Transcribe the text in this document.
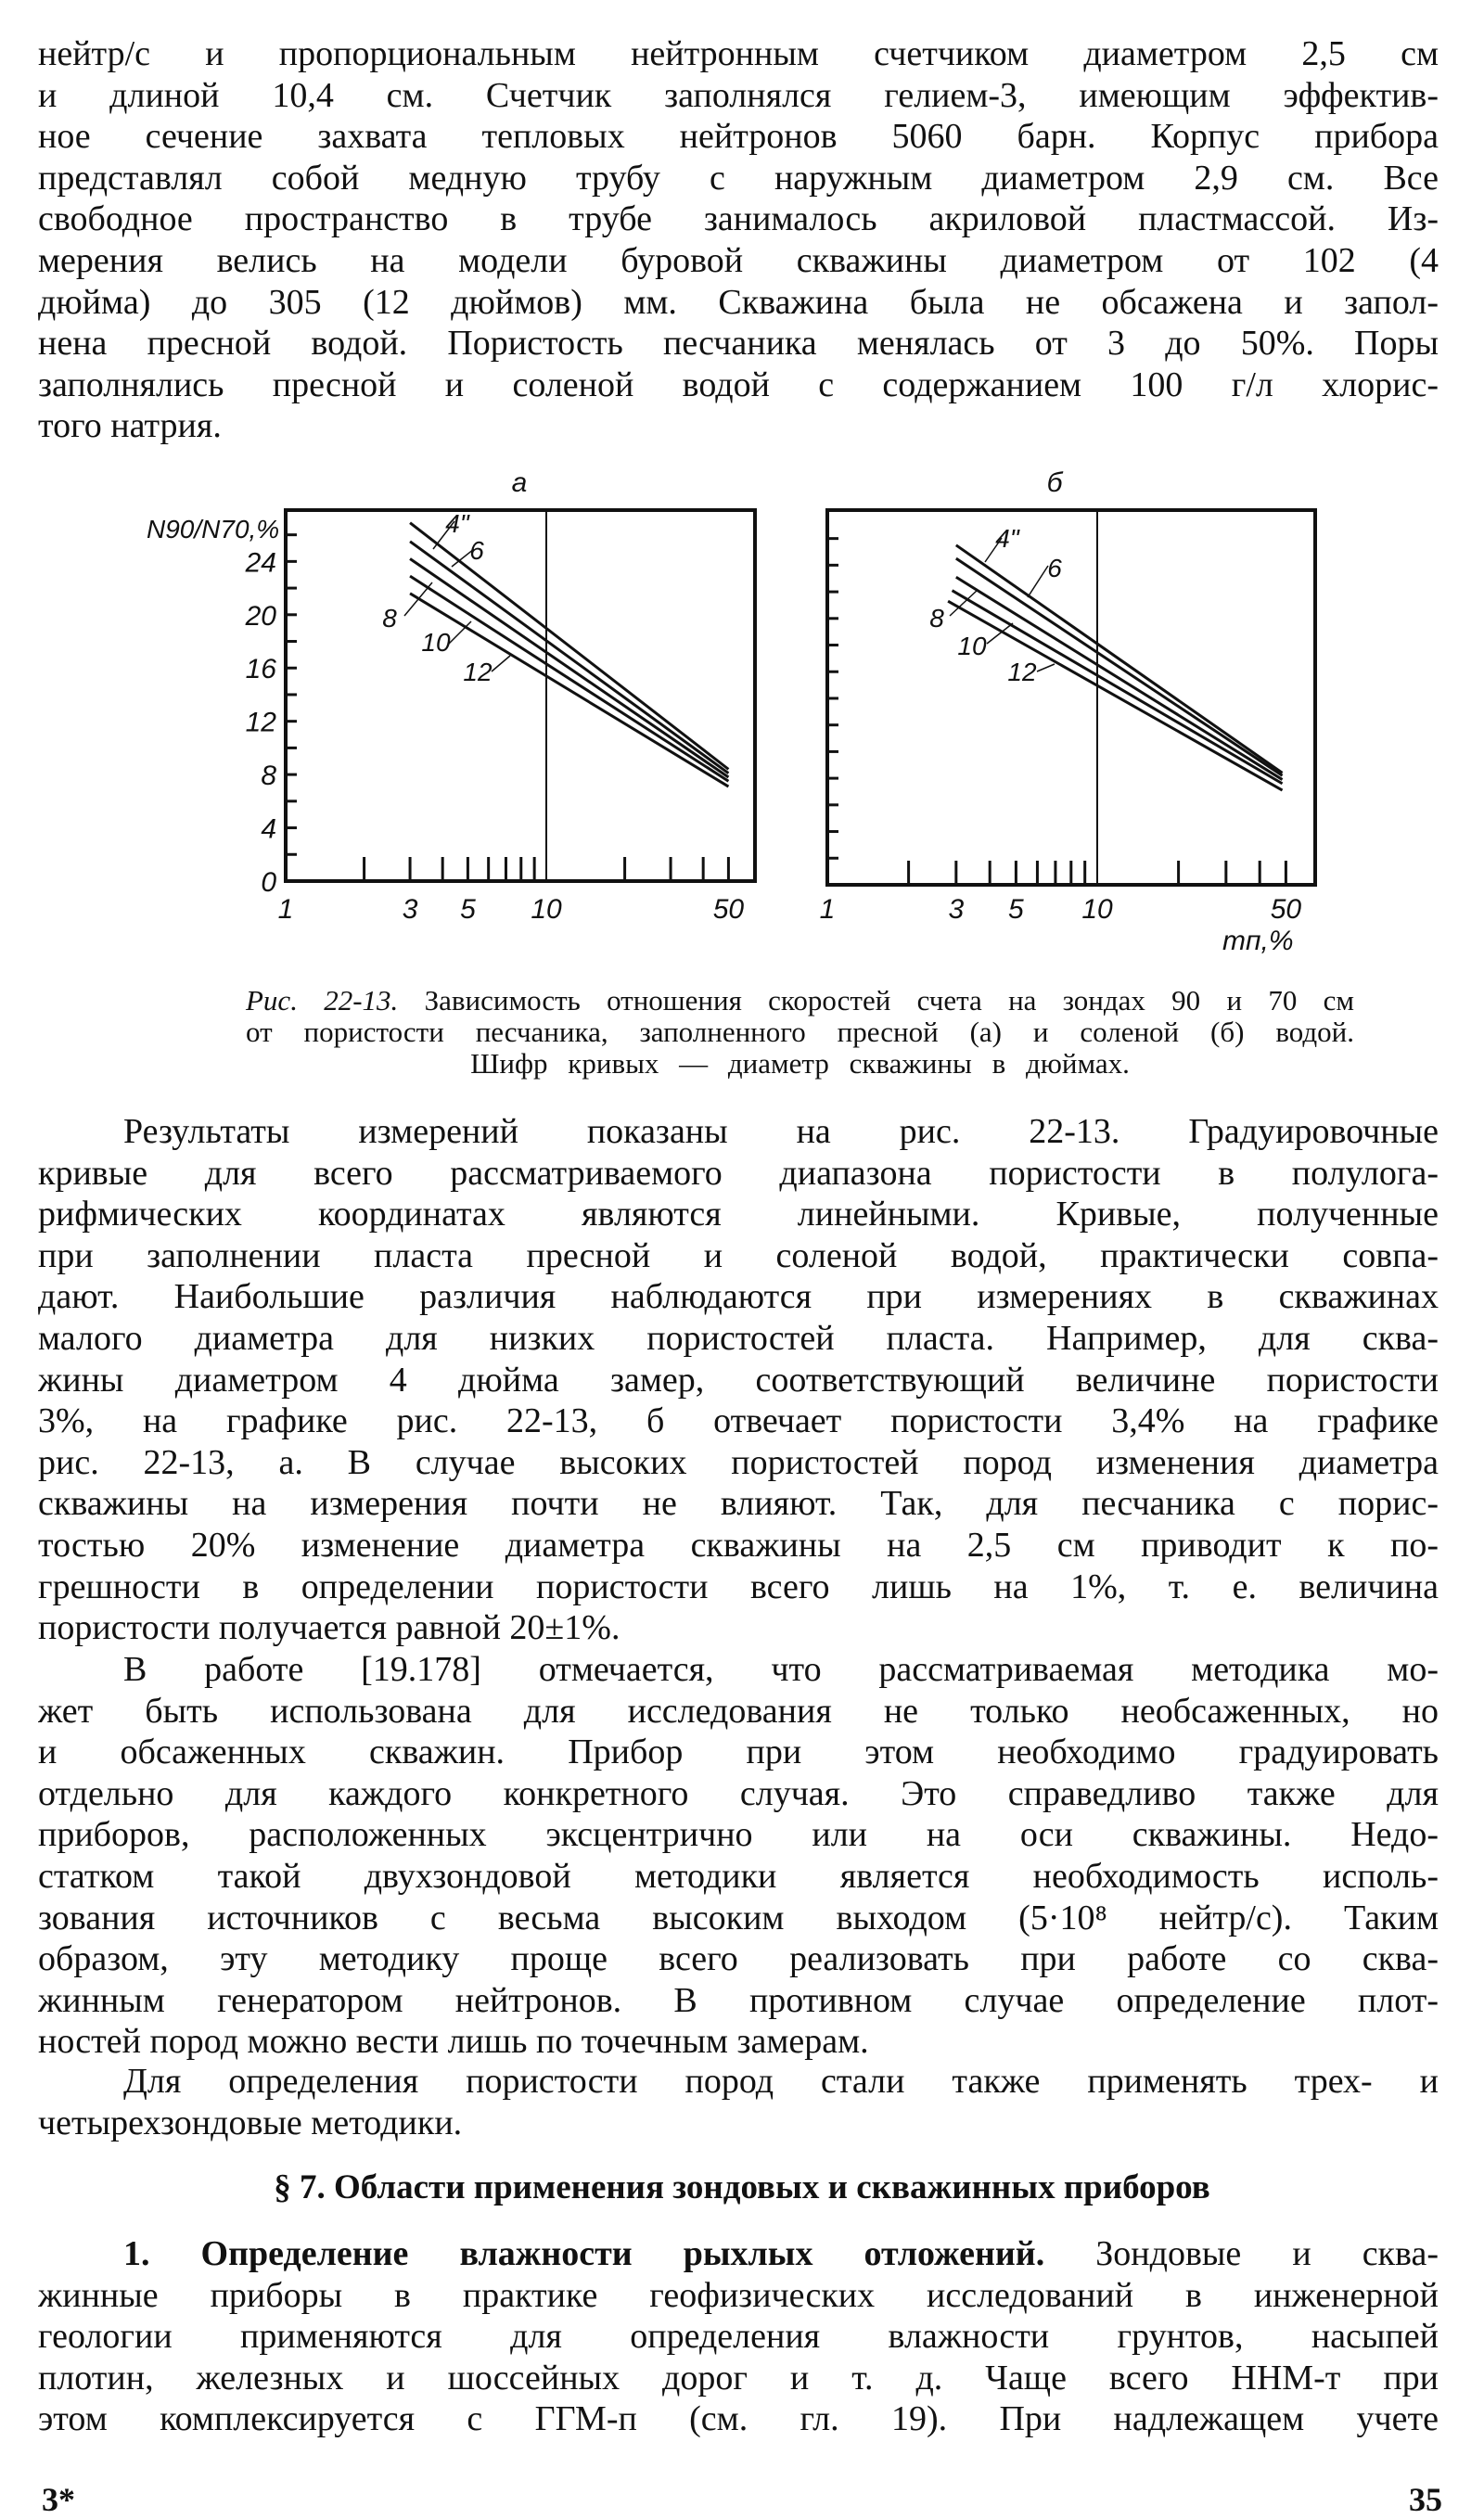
нейтр/с и пропорциональным нейтронным счетчиком диаметром 2,5 см
и длиной 10,4 см. Счетчик заполнялся гелием-3, имеющим эффектив-
ное сечение захвата тепловых нейтронов 5060 барн. Корпус прибора
представлял собой медную трубу с наружным диаметром 2,9 см. Все
свободное пространство в трубе занималось акриловой пластмассой. Из-
мерения велись на модели буровой скважины диаметром от 102 (4
дюйма) до 305 (12 дюймов) мм. Скважина была не обсажена и запол-
нена пресной водой. Пористость песчаника менялась от 3 до 50%. Поры
заполнялись пресной и соленой водой с содержанием 100 г/л хлорис-
того натрия.
1	3 5 10	50
0
4
8
12
16
20
24
а
N90/N70,%	4"
6
8
10
12
1	3 5 10	50
б
mп,%
4"
6
8
10
12
Рис. 22-13. Зависимость отношения скоростей счета на зондах 90 и 70 см
от пористости песчаника, заполненного пресной (а) и соленой (б) водой.
Шифр кривых — диаметр скважины в дюймах.
Результаты измерений показаны на рис. 22-13. Градуировочные
кривые для всего рассматриваемого диапазона пористости в полулога-
рифмических координатах являются линейными. Кривые, полученные
при заполнении пласта пресной и соленой водой, практически совпа-
дают. Наибольшие различия наблюдаются при измерениях в скважинах
малого диаметра для низких пористостей пласта. Например, для сква-
жины диаметром 4 дюйма замер, соответствующий величине пористости
3%, на графике рис. 22-13, б отвечает пористости 3,4% на графике
рис. 22-13, а. В случае высоких пористостей пород изменения диаметра
скважины на измерения почти не влияют. Так, для песчаника с порис-
тостью 20% изменение диаметра скважины на 2,5 см приводит к по-
грешности в определении пористости всего лишь на 1%, т. е. величина
пористости получается равной 20±1%.
В работе [19.178] отмечается, что рассматриваемая методика мо-
жет быть использована для исследования не только необсаженных, но
и обсаженных скважин. Прибор при этом необходимо градуировать
отдельно для каждого конкретного случая. Это справедливо также для
приборов, расположенных эксцентрично или на оси скважины. Недо-
статком такой двухзондовой методики является необходимость исполь-
зования источников с весьма высоким выходом (5·10⁸ нейтр/с). Таким
образом, эту методику проще всего реализовать при работе со сква-
жинным генератором нейтронов. В противном случае определение плот-
ностей пород можно вести лишь по точечным замерам.
Для определения пористости пород стали также применять трех- и
четырехзондовые методики.
§ 7. Области применения зондовых и скважинных приборов
1. Определение влажности рыхлых отложений. Зондовые и сква-
жинные приборы в практике геофизических исследований в инженерной
геологии применяются для определения влажности грунтов, насыпей
плотин, железных и шоссейных дорог и т. д. Чаще всего ННМ-т при
этом комплексируется с ГГМ-п (см. гл. 19). При надлежащем учете
3*	35
